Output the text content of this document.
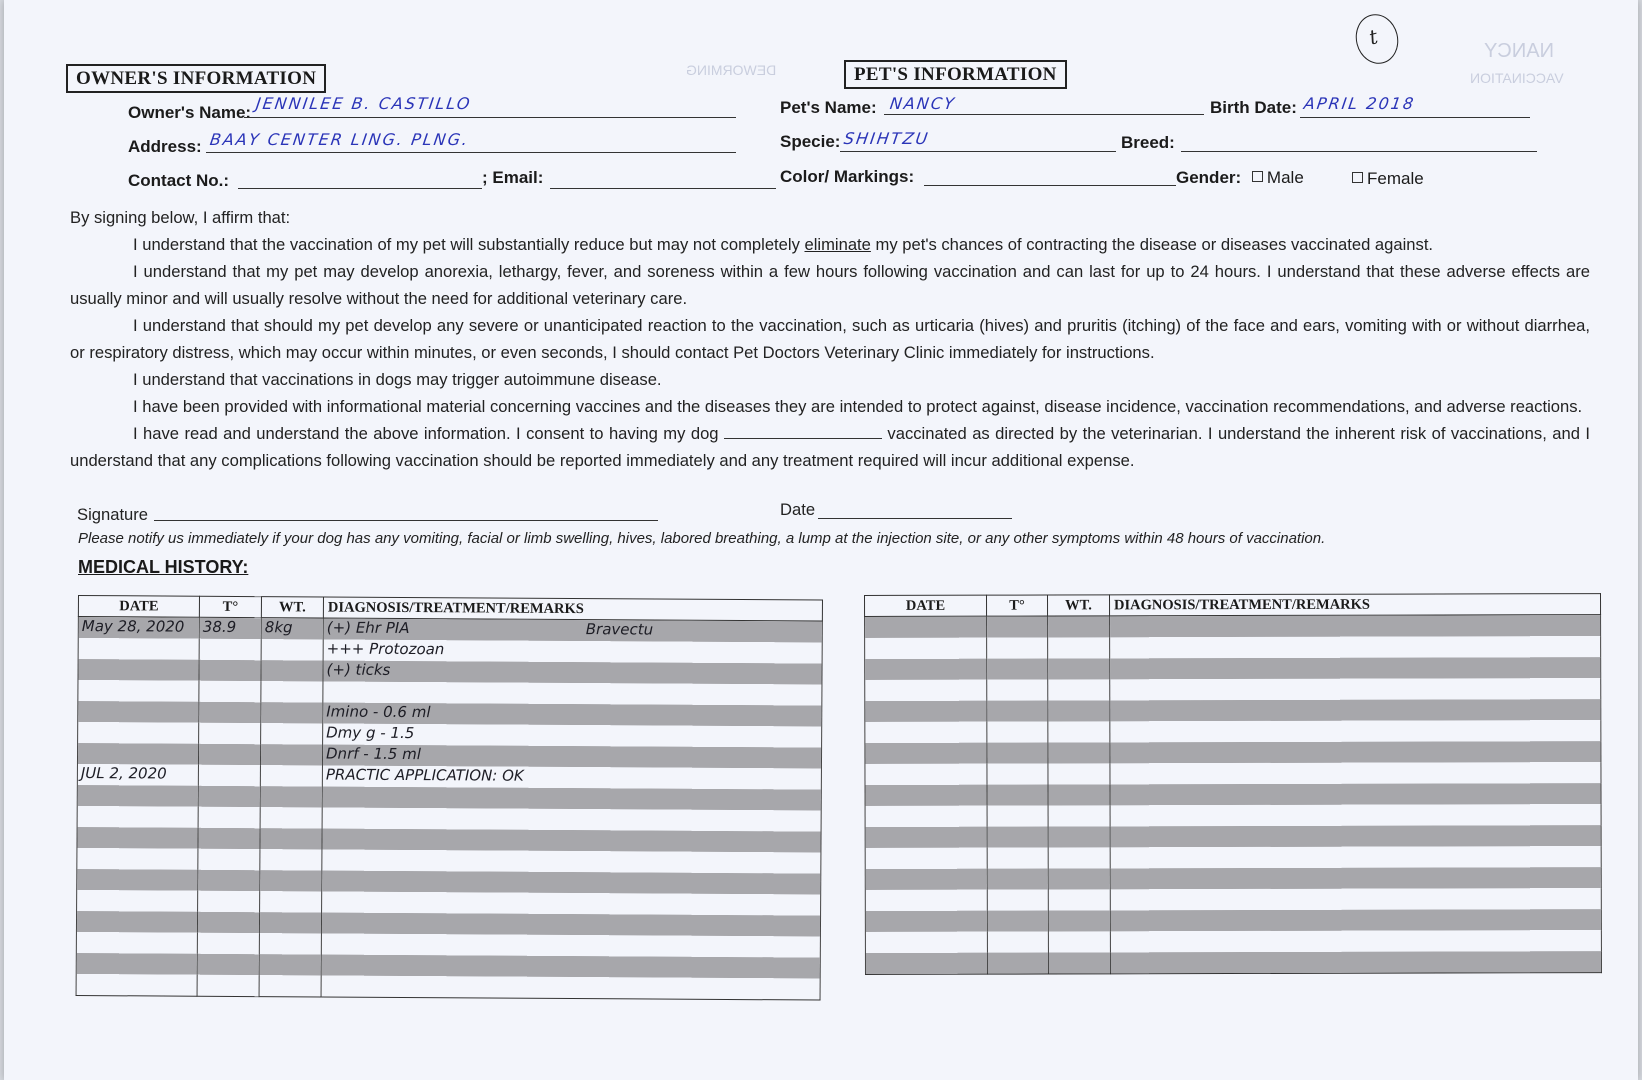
DEWORMING	VACCINATION
NANCY
t
OWNER'S INFORMATION
Owner's Name: JENNILEE B. CASTILLO
Address: BAAY CENTER LING. PLNG.
Contact No.:	; Email:
PET'S INFORMATION
Pet's Name: NANCY	Birth Date: APRIL 2018
Specie: SHIHTZU	Breed:
Color/ Markings:	Gender: Male	Female

By signing below, I affirm that:

I understand that the vaccination of my pet will substantially reduce but may not completely eliminate my pet's chances of contracting the disease or diseases vaccinated against.

I understand that my pet may develop anorexia, lethargy, fever, and soreness within a few hours following vaccination and can last for up to 24 hours. I understand that these adverse effects are usually minor and will usually resolve without the need for additional veterinary care.

I understand that should my pet develop any severe or unanticipated reaction to the vaccination, such as urticaria (hives) and pruritis (itching) of the face and ears, vomiting with or without diarrhea, or respiratory distress, which may occur within minutes, or even seconds, I should contact Pet Doctors Veterinary Clinic immediately for instructions.

I understand that vaccinations in dogs may trigger autoimmune disease.

I have been provided with informational material concerning vaccines and the diseases they are intended to protect against, disease incidence, vaccination recommendations, and adverse reactions.

I have read and understand the above information. I consent to having my dog	vaccinated as directed by the veterinarian. I understand the inherent risk of vaccinations, and I understand that any complications following vaccination should be reported immediately and any treatment required will incur additional expense.

Signature	Date
Please notify us immediately if your dog has any vomiting, facial or limb swelling, hives, labored breathing, a lump at the injection site, or any other symptoms within 48 hours of vaccination.
MEDICAL HISTORY:
DATE	T°	WT.	DIAGNOSIS/TREATMENT/REMARKS
May 28, 2020	38.9	8kg	(+) Ehr PIA Bravectu

			+++ Protozoan

			(+) ticks

			Imino - 0.6 ml

			Dmy g - 1.5

			Dnrf - 1.5 ml

JUL 2, 2020			PRACTIC APPLICATION: OK

DATE	T°	WT.	DIAGNOSIS/TREATMENT/REMARKS
